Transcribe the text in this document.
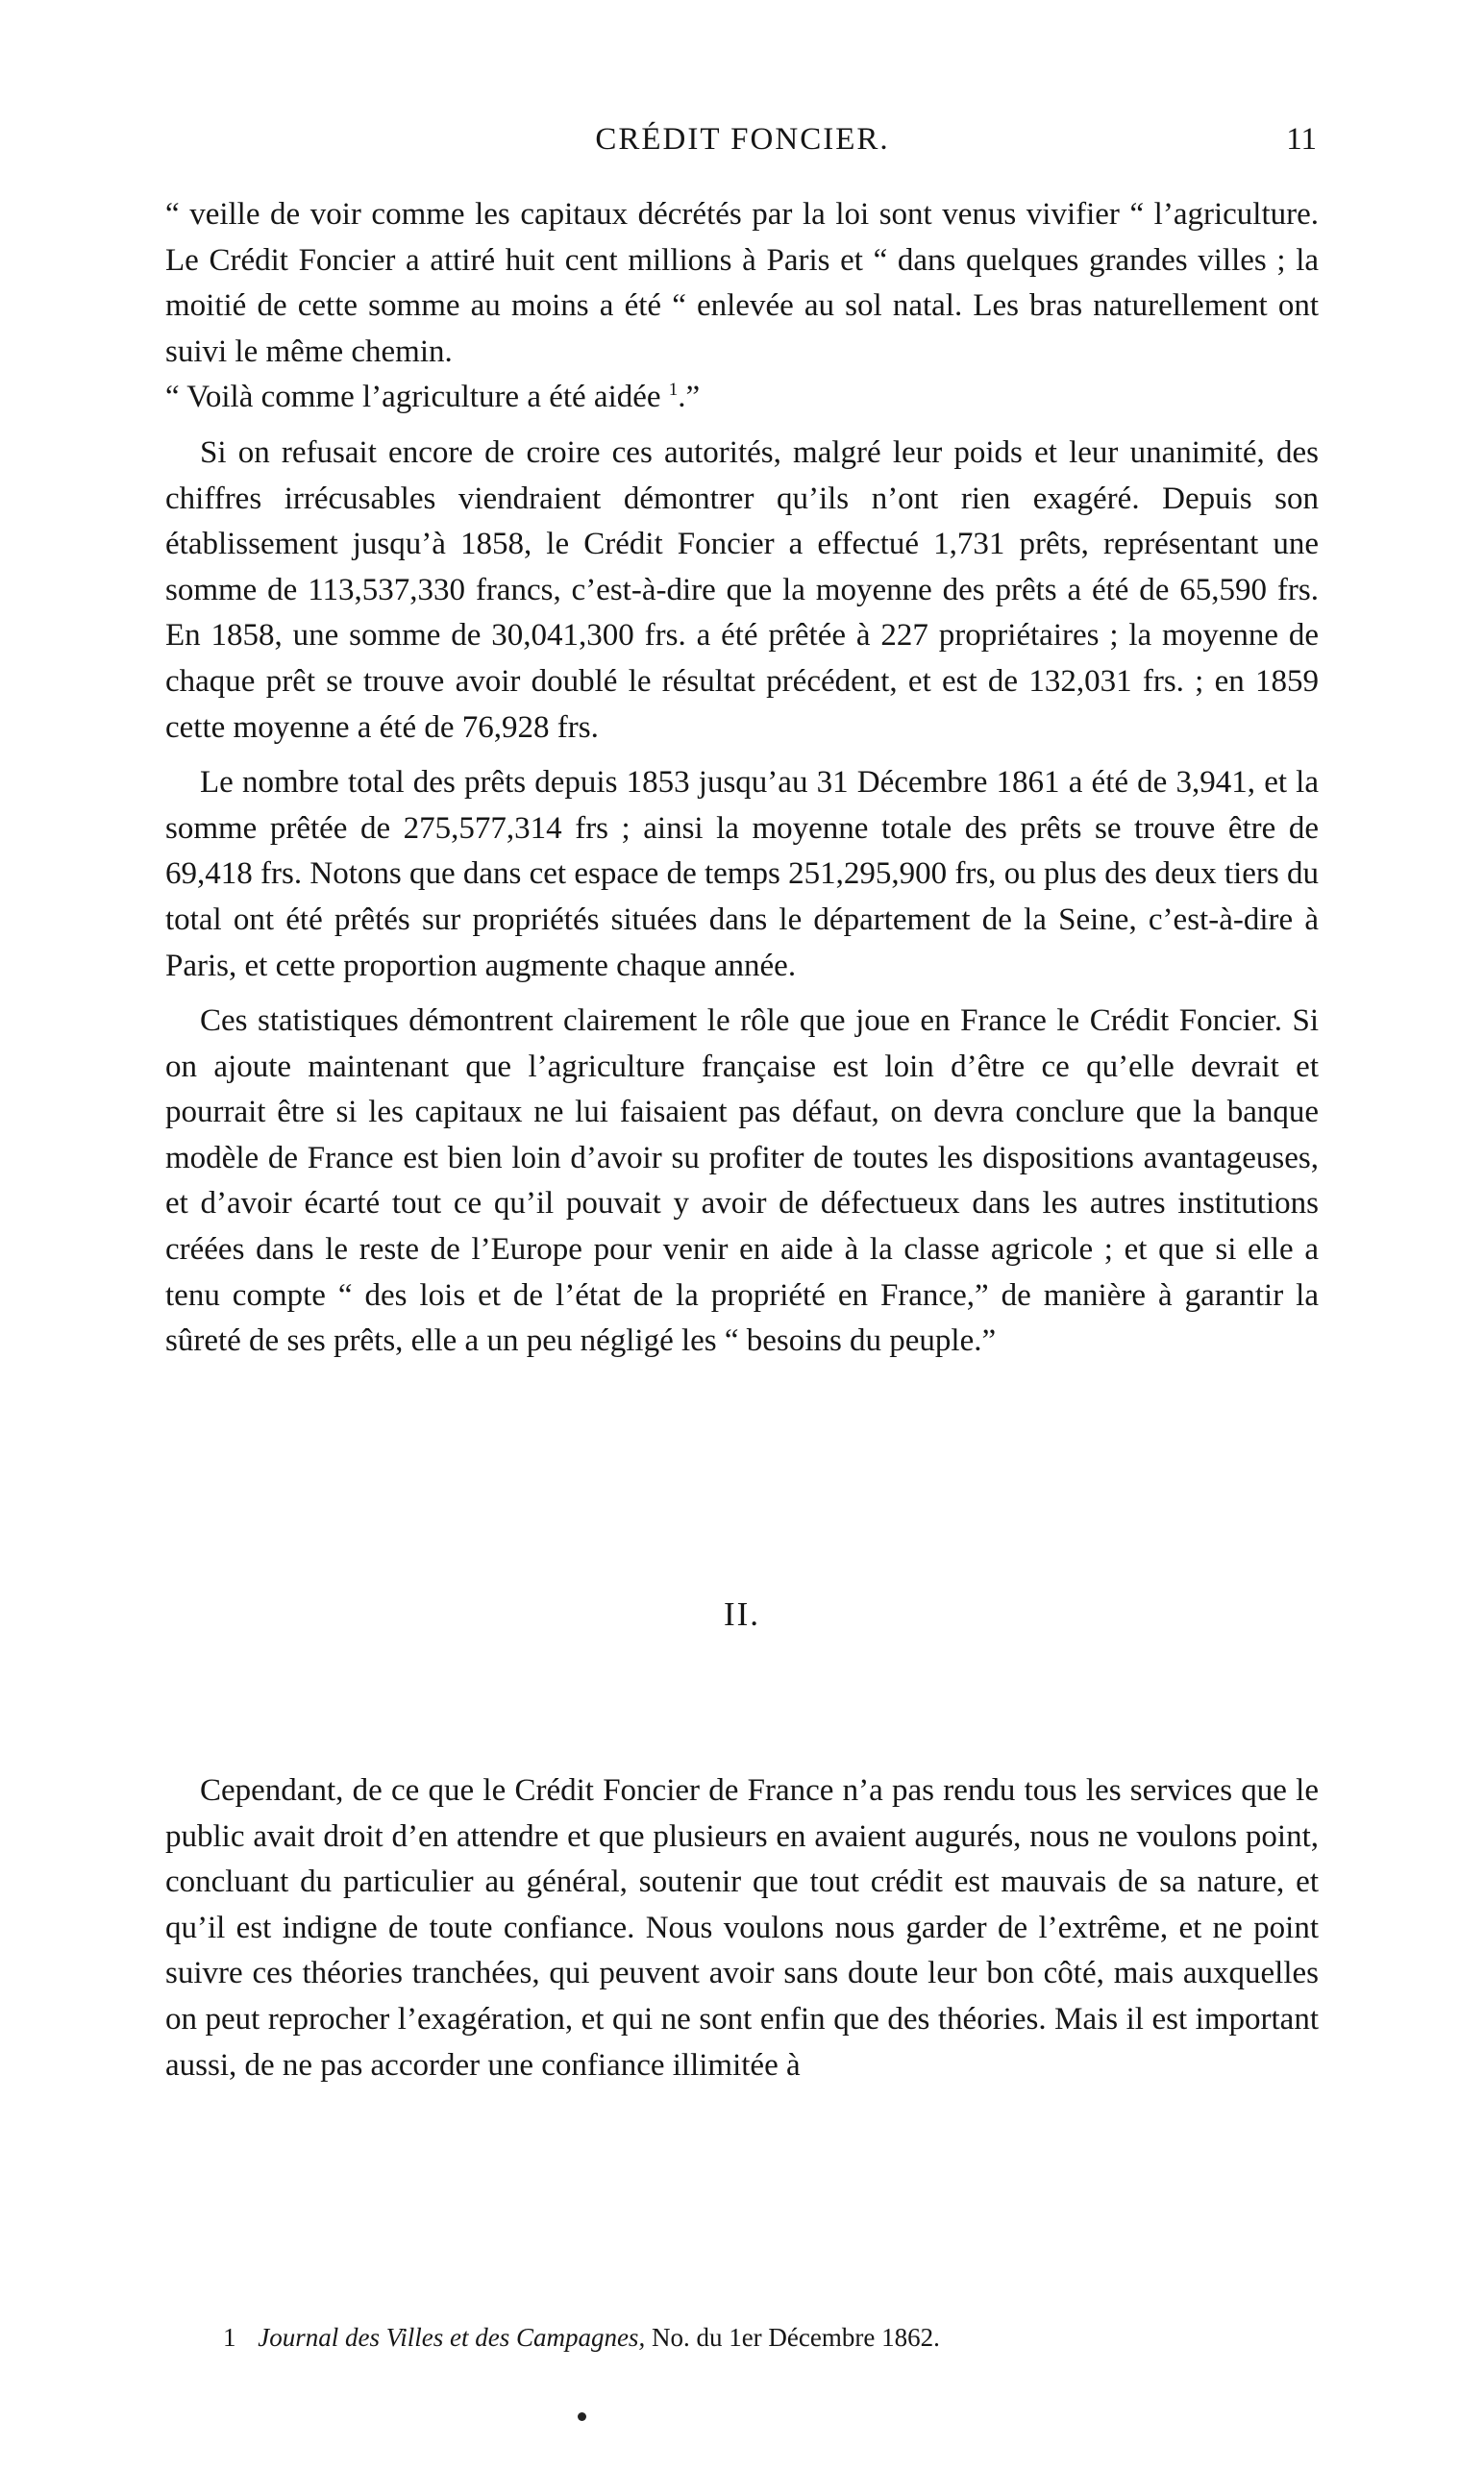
CRÉDIT FONCIER.	11

“ veille de voir comme les capitaux décrétés par la loi sont venus vivifier “ l’agriculture. Le Crédit Foncier a attiré huit cent millions à Paris et “ dans quelques grandes villes ; la moitié de cette somme au moins a été “ enlevée au sol natal. Les bras naturellement ont suivi le même chemin.
“ Voilà comme l’agriculture a été aidée $^1$.”

Si on refusait encore de croire ces autorités, malgré leur poids et leur unanimité, des chiffres irrécusables viendraient démontrer qu’ils n’ont rien exagéré. Depuis son établissement jusqu’à 1858, le Crédit Foncier a effectué 1,731 prêts, représentant une somme de 113,537,330 francs, c’est-à-dire que la moyenne des prêts a été de 65,590 frs. En 1858, une somme de 30,041,300 frs. a été prêtée à 227 propriétaires ; la moyenne de chaque prêt se trouve avoir doublé le résultat précédent, et est de 132,031 frs. ; en 1859 cette moyenne a été de 76,928 frs.

Le nombre total des prêts depuis 1853 jusqu’au 31 Décembre 1861 a été de 3,941, et la somme prêtée de 275,577,314 frs ; ainsi la moyenne totale des prêts se trouve être de 69,418 frs. Notons que dans cet espace de temps 251,295,900 frs, ou plus des deux tiers du total ont été prêtés sur propriétés situées dans le département de la Seine, c’est-à-dire à Paris, et cette proportion augmente chaque année.

Ces statistiques démontrent clairement le rôle que joue en France le Crédit Foncier. Si on ajoute maintenant que l’agriculture française est loin d’être ce qu’elle devrait et pourrait être si les capitaux ne lui faisaient pas défaut, on devra conclure que la banque modèle de France est bien loin d’avoir su profiter de toutes les dispositions avantageuses, et d’avoir écarté tout ce qu’il pouvait y avoir de défectueux dans les autres institutions créées dans le reste de l’Europe pour venir en aide à la classe agricole ; et que si elle a tenu compte “ des lois et de l’état de la propriété en France,” de manière à garantir la sûreté de ses prêts, elle a un peu négligé les “ besoins du peuple.”

II.

Cependant, de ce que le Crédit Foncier de France n’a pas rendu tous les services que le public avait droit d’en attendre et que plusieurs en avaient augurés, nous ne voulons point, concluant du particulier au général, soutenir que tout crédit est mauvais de sa nature, et qu’il est indigne de toute confiance. Nous voulons nous garder de l’extrême, et ne point suivre ces théories tranchées, qui peuvent avoir sans doute leur bon côté, mais auxquelles on peut reprocher l’exagération, et qui ne sont enfin que des théories. Mais il est important aussi, de ne pas accorder une confiance illimitée à

1 Journal des Villes et des Campagnes, No. du 1er Décembre 1862.
